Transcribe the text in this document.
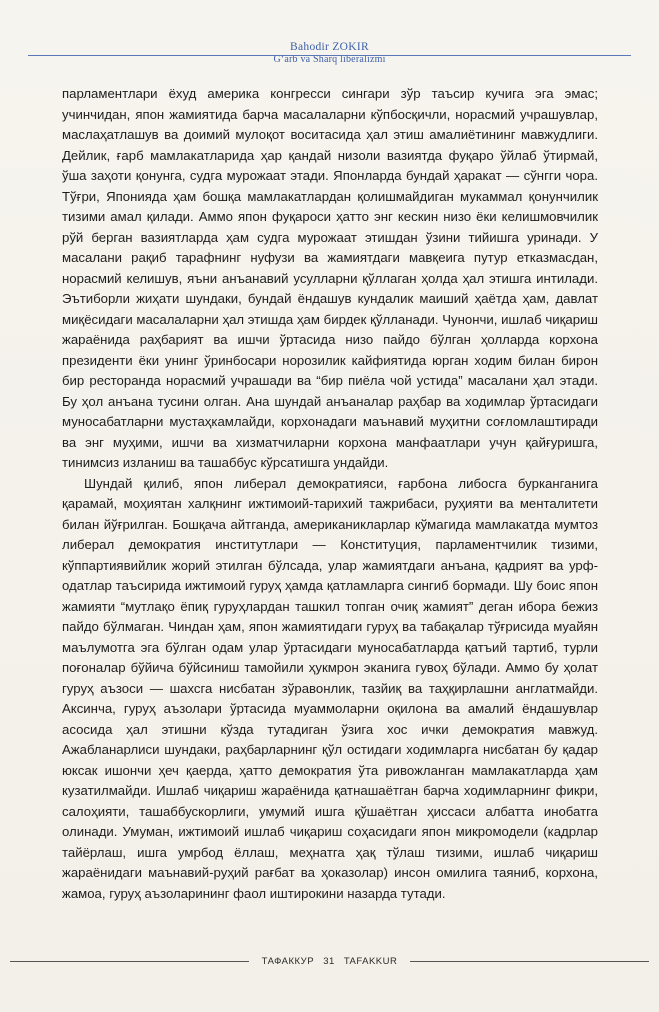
Bahodir ZOKIR
G‘arb va Sharq liberalizmi

парламентлари ёхуд америка конгресси сингари зўр таъсир кучига эга эмас; учинчидан, япон жамиятида барча масалаларни кўпбосқичли, норасмий учрашувлар, маслаҳатлашув ва доимий мулоқот воситасида ҳал этиш амалиётининг мавжудлиги. Дейлик, ғарб мамлакатларида ҳар қандай низоли вазиятда фуқаро ўйлаб ўтирмай, ўша заҳоти қонунга, судга мурожаат этади. Японларда бундай ҳаракат — сўнгги чора. Тўғри, Японияда ҳам бошқа мамлакатлардан қолишмайдиган мукаммал қонунчилик тизими амал қилади. Аммо япон фуқароси ҳатто энг кескин низо ёки келишмовчилик рўй берган вазиятларда ҳам судга мурожаат этишдан ўзини тийишга уринади. У масалани рақиб тарафнинг нуфузи ва жамиятдаги мавқеига путур етказмасдан, норасмий келишув, яъни анъанавий усулларни қўллаган ҳолда ҳал этишга интилади. Эътиборли жиҳати шундаки, бундай ёндашув кундалик маиший ҳаётда ҳам, давлат миқёсидаги масалаларни ҳал этишда ҳам бирдек қўлланади. Чунончи, ишлаб чиқариш жараёнида раҳбарият ва ишчи ўртасида низо пайдо бўлган ҳолларда корхона президенти ёки унинг ўринбосари норозилик кайфиятида юрган ходим билан бирон бир ресторанда норасмий учрашади ва “бир пиёла чой устида” масалани ҳал этади. Бу ҳол анъана тусини олган. Ана шундай анъаналар раҳбар ва ходимлар ўртасидаги муносабатларни мустаҳкамлайди, корхонадаги маънавий муҳитни соғломлаштиради ва энг муҳими, ишчи ва хизматчиларни корхона манфаатлари учун қайғуришга, тинимсиз изланиш ва ташаббус кўрсатишга ундайди.

Шундай қилиб, япон либерал демократияси, ғарбона либосга бурканганига қарамай, моҳиятан халқнинг ижтимоий-тарихий тажрибаси, руҳияти ва менталитети билан йўғрилган. Бошқача айтганда, американикларлар кўмагида мамлакатда мумтоз либерал демократия институтлари — Конституция, парламентчилик тизими, кўппартиявийлик жорий этилган бўлсада, улар жамиятдаги анъана, қадрият ва урф-одатлар таъсирида ижтимоий гуруҳ ҳамда қатламларга сингиб бормади. Шу боис япон жамияти “мутлақо ёпиқ гуруҳлардан ташкил топган очиқ жамият” деган ибора бежиз пайдо бўлмаган. Чиндан ҳам, япон жамиятидаги гуруҳ ва табақалар тўғрисида муайян маълумотга эга бўлган одам улар ўртасидаги муносабатларда қатъий тартиб, турли поғоналар бўйича бўйсиниш тамойили ҳукмрон эканига гувоҳ бўлади. Аммо бу ҳолат гуруҳ аъзоси — шахсга нисбатан зўравонлик, тазйиқ ва таҳқирлашни англатмайди. Аксинча, гуруҳ аъзолари ўртасида муаммоларни оқилона ва амалий ёндашувлар асосида ҳал этишни кўзда тутадиган ўзига хос ички демократия мавжуд. Ажабланарлиси шундаки, раҳбарларнинг қўл остидаги ходимларга нисбатан бу қадар юксак ишончи ҳеч қаерда, ҳатто демократия ўта ривожланган мамлакатларда ҳам кузатилмайди. Ишлаб чиқариш жараёнида қатнашаётган барча ходимларнинг фикри, салоҳияти, ташаббускорлиги, умумий ишга қўшаётган ҳиссаси албатта инобатга олинади. Умуман, ижтимоий ишлаб чиқариш соҳасидаги япон микромодели (кадрлар тайёрлаш, ишга умрбод ёллаш, меҳнатга ҳақ тўлаш тизими, ишлаб чиқариш жараёнидаги маънавий-руҳий рағбат ва ҳоказолар) инсон омилига таяниб, корхона, жамоа, гуруҳ аъзоларининг фаол иштирокини назарда тутади.

ТАФАККУР 31 TAFAKKUR
